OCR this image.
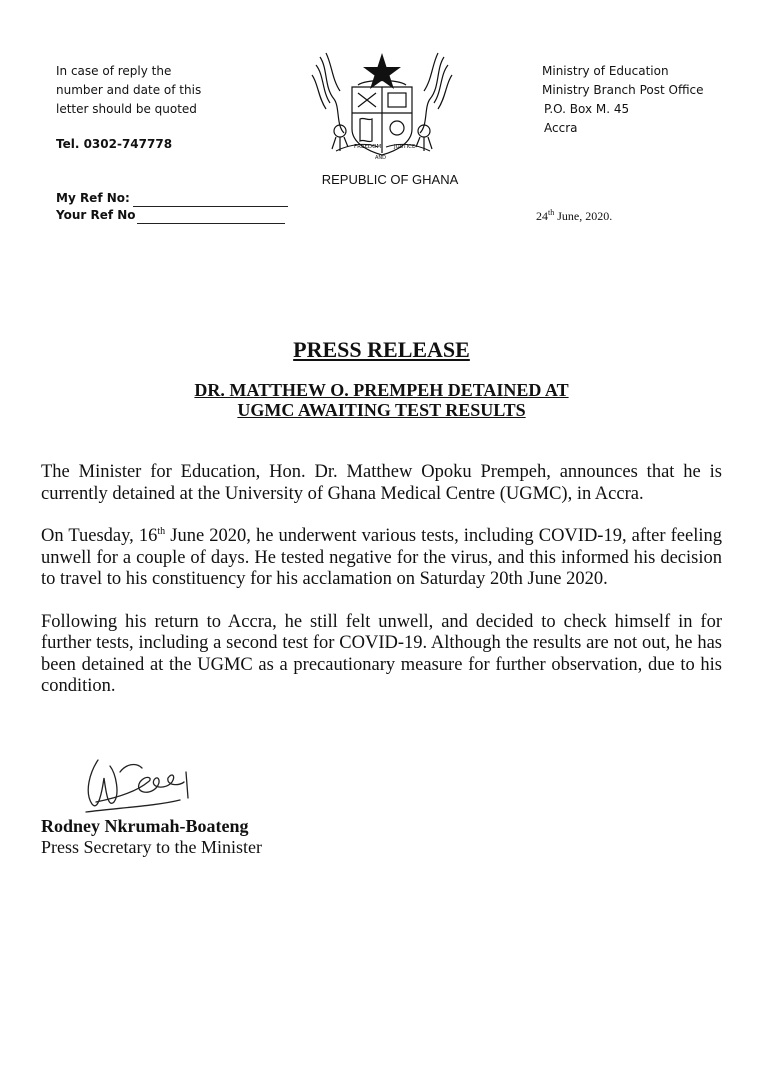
In case of reply the
number and date of this
letter should be quoted
Tel. 0302-747778
My Ref No:
Your Ref No
FREEDOM JUSTICE
AND
REPUBLIC OF GHANA
Ministry of Education
Ministry Branch Post Office
P.O. Box M. 45
Accra
24th June, 2020.
PRESS RELEASE
DR. MATTHEW O. PREMPEH DETAINED AT
UGMC AWAITING TEST RESULTS

The Minister for Education, Hon. Dr. Matthew Opoku Prempeh, announces that he is currently detained at the University of Ghana Medical Centre (UGMC), in Accra.

On Tuesday, 16th June 2020, he underwent various tests, including COVID-19, after feeling unwell for a couple of days. He tested negative for the virus, and this informed his decision to travel to his constituency for his acclamation on Saturday 20th June 2020.

Following his return to Accra, he still felt unwell, and decided to check himself in for further tests, including a second test for COVID-19. Although the results are not out, he has been detained at the UGMC as a precautionary measure for further observation, due to his condition.

Rodney Nkrumah-Boateng
Press Secretary to the Minister
